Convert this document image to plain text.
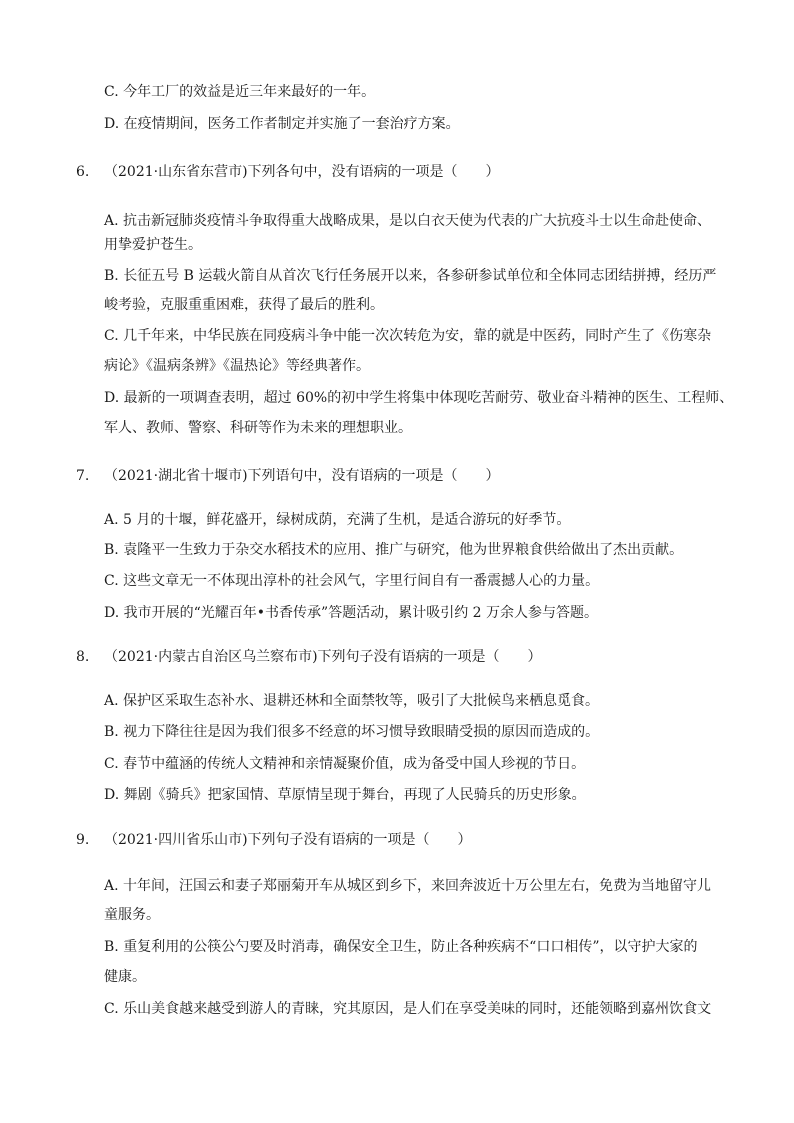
C. 今年工厂的效益是近三年来最好的一年。
D. 在疫情期间，医务工作者制定并实施了一套治疗方案。
6. （2021·山东省东营市)下列各句中，没有语病的一项是（　　）
A. 抗击新冠肺炎疫情斗争取得重大战略成果，是以白衣天使为代表的广大抗疫斗士以生命赴使命、
用挚爱护苍生。
B. 长征五号 B 运载火箭自从首次飞行任务展开以来，各参研参试单位和全体同志团结拼搏，经历严
峻考验，克服重重困难，获得了最后的胜利。
C. 几千年来，中华民族在同疫病斗争中能一次次转危为安，靠的就是中医药，同时产生了《伤寒杂
病论》《温病条辨》《温热论》等经典著作。
D. 最新的一项调查表明，超过 60%的初中学生将集中体现吃苦耐劳、敬业奋斗精神的医生、工程师、
军人、教师、警察、科研等作为未来的理想职业。
7. （2021·湖北省十堰市)下列语句中，没有语病的一项是（　　）
A. 5 月的十堰，鲜花盛开，绿树成荫，充满了生机，是适合游玩的好季节。
B. 袁隆平一生致力于杂交水稻技术的应用、推广与研究，他为世界粮食供给做出了杰出贡献。
C. 这些文章无一不体现出淳朴的社会风气，字里行间自有一番震撼人心的力量。
D. 我市开展的“光耀百年•书香传承”答题活动，累计吸引约 2 万余人参与答题。
8. （2021·内蒙古自治区乌兰察布市)下列句子没有语病的一项是（　　）
A. 保护区采取生态补水、退耕还林和全面禁牧等，吸引了大批候鸟来栖息觅食。
B. 视力下降往往是因为我们很多不经意的坏习惯导致眼睛受损的原因而造成的。
C. 春节中蕴涵的传统人文精神和亲情凝聚价值，成为备受中国人珍视的节日。
D. 舞剧《骑兵》把家国情、草原情呈现于舞台，再现了人民骑兵的历史形象。
9. （2021·四川省乐山市)下列句子没有语病的一项是（　　）
A. 十年间，汪国云和妻子郑丽菊开车从城区到乡下，来回奔波近十万公里左右，免费为当地留守儿
童服务。
B. 重复利用的公筷公勺要及时消毒，确保安全卫生，防止各种疾病不“口口相传”，以守护大家的
健康。
C. 乐山美食越来越受到游人的青睐，究其原因，是人们在享受美味的同时，还能领略到嘉州饮食文
